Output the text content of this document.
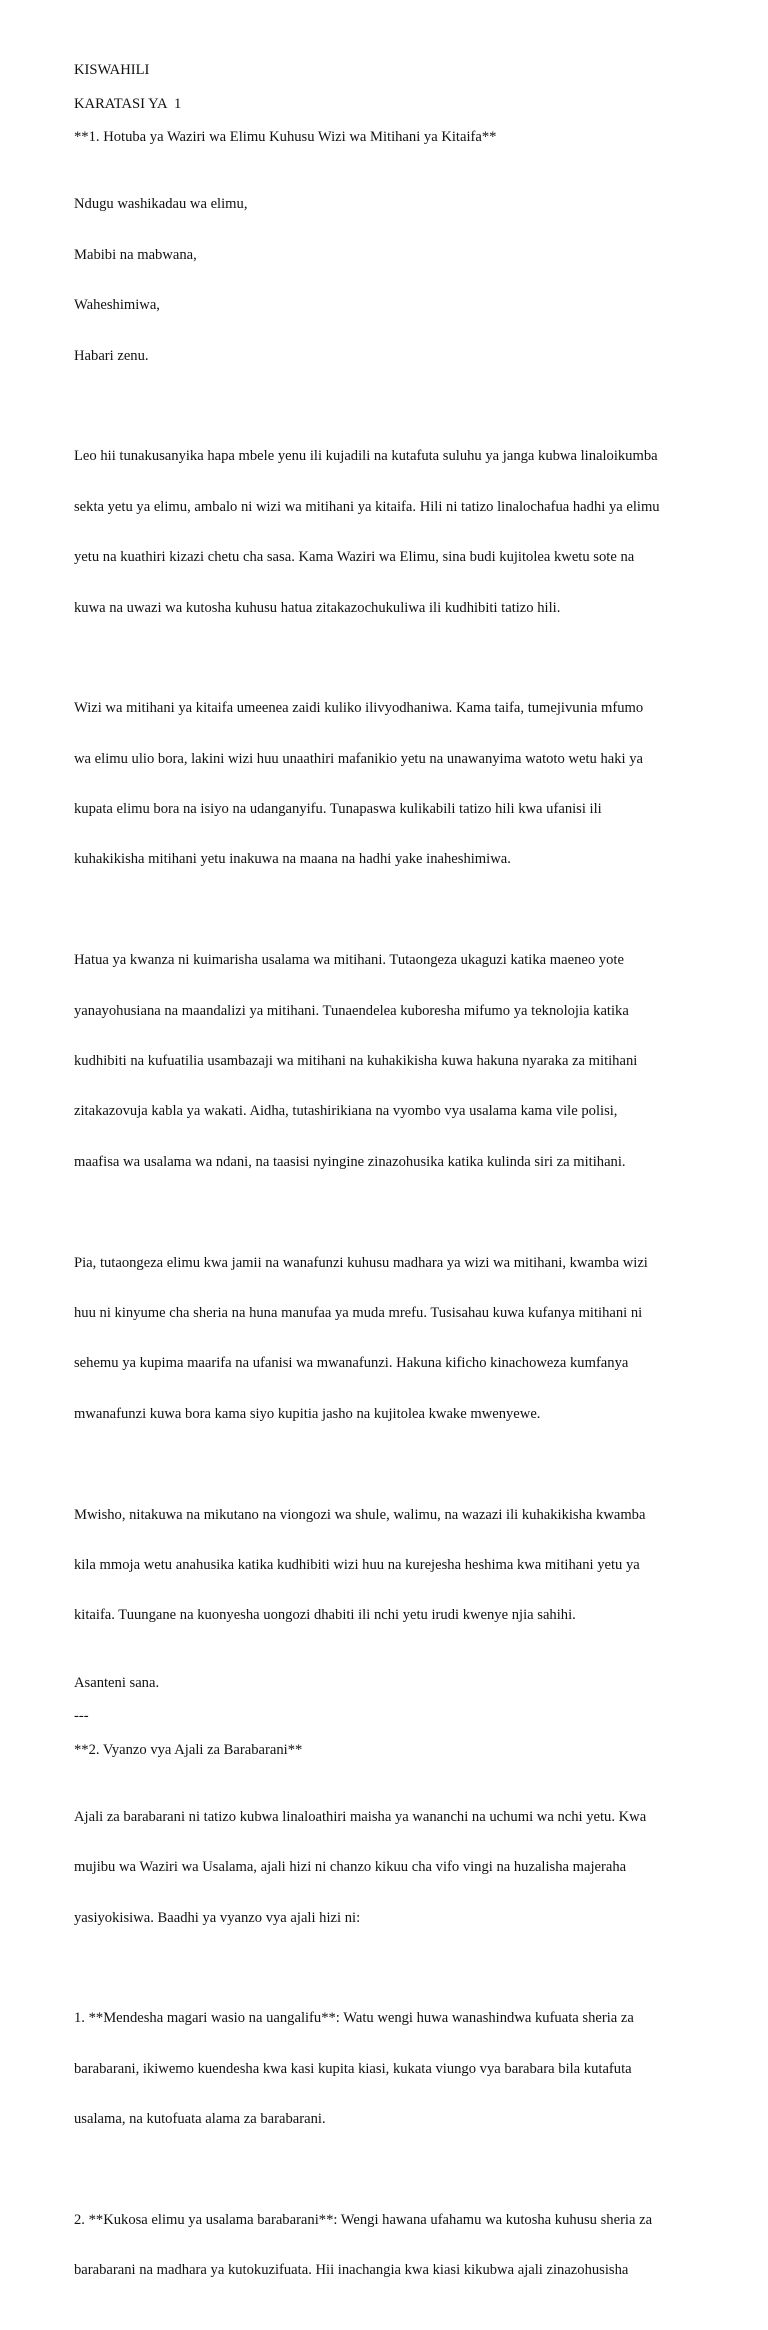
KISWAHILI

KARATASI YA  1

**1. Hotuba ya Waziri wa Elimu Kuhusu Wizi wa Mitihani ya Kitaifa**

Ndugu washikadau wa elimu,

Mabibi na mabwana,

Waheshimiwa,

Habari zenu.

Leo hii tunakusanyika hapa mbele yenu ili kujadili na kutafuta suluhu ya janga kubwa linaloikumba

sekta yetu ya elimu, ambalo ni wizi wa mitihani ya kitaifa. Hili ni tatizo linalochafua hadhi ya elimu

yetu na kuathiri kizazi chetu cha sasa. Kama Waziri wa Elimu, sina budi kujitolea kwetu sote na

kuwa na uwazi wa kutosha kuhusu hatua zitakazochukuliwa ili kudhibiti tatizo hili.

Wizi wa mitihani ya kitaifa umeenea zaidi kuliko ilivyodhaniwa. Kama taifa, tumejivunia mfumo

wa elimu ulio bora, lakini wizi huu unaathiri mafanikio yetu na unawanyima watoto wetu haki ya

kupata elimu bora na isiyo na udanganyifu. Tunapaswa kulikabili tatizo hili kwa ufanisi ili

kuhakikisha mitihani yetu inakuwa na maana na hadhi yake inaheshimiwa.

Hatua ya kwanza ni kuimarisha usalama wa mitihani. Tutaongeza ukaguzi katika maeneo yote

yanayohusiana na maandalizi ya mitihani. Tunaendelea kuboresha mifumo ya teknolojia katika

kudhibiti na kufuatilia usambazaji wa mitihani na kuhakikisha kuwa hakuna nyaraka za mitihani

zitakazovuja kabla ya wakati. Aidha, tutashirikiana na vyombo vya usalama kama vile polisi,

maafisa wa usalama wa ndani, na taasisi nyingine zinazohusika katika kulinda siri za mitihani.

Pia, tutaongeza elimu kwa jamii na wanafunzi kuhusu madhara ya wizi wa mitihani, kwamba wizi

huu ni kinyume cha sheria na huna manufaa ya muda mrefu. Tusisahau kuwa kufanya mitihani ni

sehemu ya kupima maarifa na ufanisi wa mwanafunzi. Hakuna kificho kinachoweza kumfanya

mwanafunzi kuwa bora kama siyo kupitia jasho na kujitolea kwake mwenyewe.

Mwisho, nitakuwa na mikutano na viongozi wa shule, walimu, na wazazi ili kuhakikisha kwamba

kila mmoja wetu anahusika katika kudhibiti wizi huu na kurejesha heshima kwa mitihani yetu ya

kitaifa. Tuungane na kuonyesha uongozi dhabiti ili nchi yetu irudi kwenye njia sahihi.

Asanteni sana.

---

**2. Vyanzo vya Ajali za Barabarani**

Ajali za barabarani ni tatizo kubwa linaloathiri maisha ya wananchi na uchumi wa nchi yetu. Kwa

mujibu wa Waziri wa Usalama, ajali hizi ni chanzo kikuu cha vifo vingi na huzalisha majeraha

yasiyokisiwa. Baadhi ya vyanzo vya ajali hizi ni:

1. **Mendesha magari wasio na uangalifu**: Watu wengi huwa wanashindwa kufuata sheria za

barabarani, ikiwemo kuendesha kwa kasi kupita kiasi, kukata viungo vya barabara bila kutafuta

usalama, na kutofuata alama za barabarani.

2. **Kukosa elimu ya usalama barabarani**: Wengi hawana ufahamu wa kutosha kuhusu sheria za

barabarani na madhara ya kutokuzifuata. Hii inachangia kwa kiasi kikubwa ajali zinazohusisha
